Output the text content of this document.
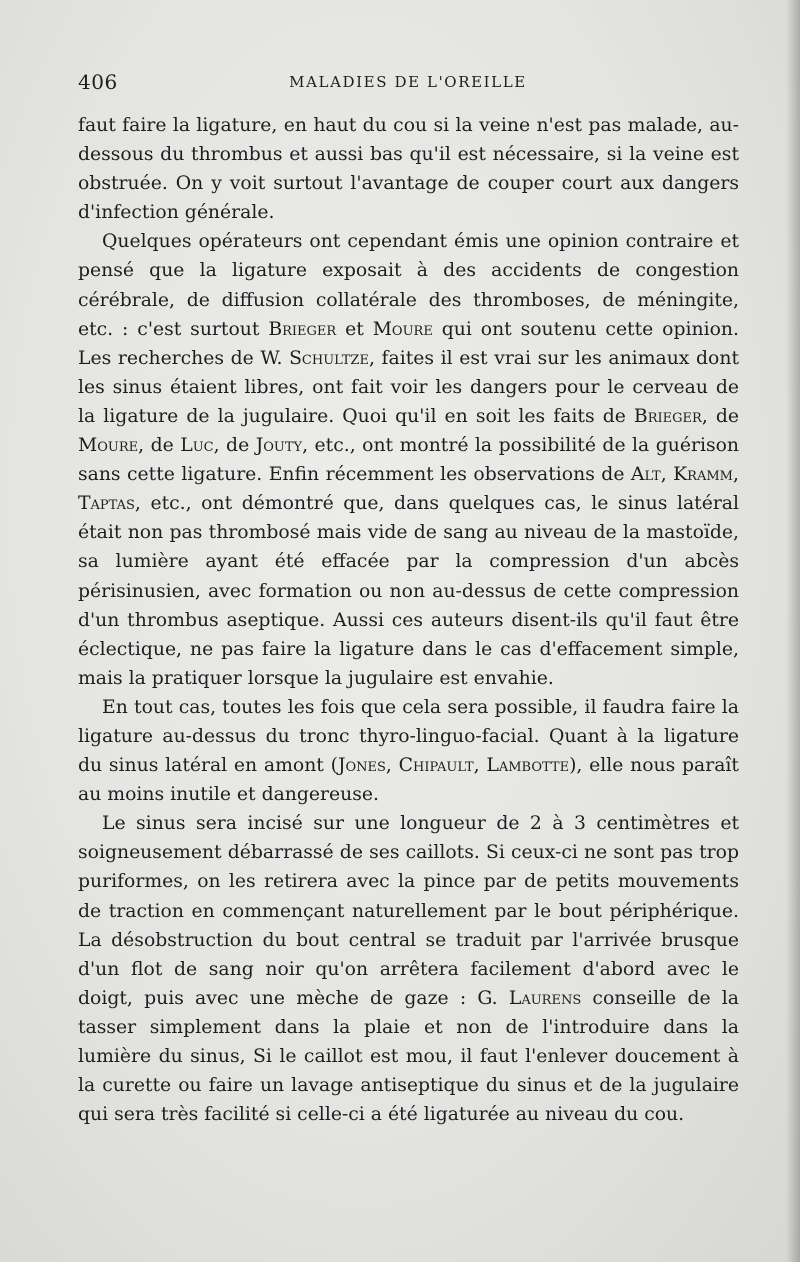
406	MALADIES DE L'OREILLE

faut faire la ligature, en haut du cou si la veine n'est pas malade, au-dessous du thrombus et aussi bas qu'il est nécessaire, si la veine est obstruée. On y voit surtout l'avantage de couper court aux dangers d'infection générale.

Quelques opérateurs ont cependant émis une opinion contraire et pensé que la ligature exposait à des accidents de congestion cérébrale, de diffusion collatérale des thromboses, de méningite, etc. : c'est surtout Brieger et Moure qui ont soutenu cette opinion. Les recherches de W. Schultze, faites il est vrai sur les animaux dont les sinus étaient libres, ont fait voir les dangers pour le cerveau de la ligature de la jugulaire. Quoi qu'il en soit les faits de Brieger, de Moure, de Luc, de Jouty, etc., ont montré la possibilité de la guérison sans cette ligature. Enfin récemment les observations de Alt, Kramm, Taptas, etc., ont démontré que, dans quelques cas, le sinus latéral était non pas thrombosé mais vide de sang au niveau de la mastoïde, sa lumière ayant été effacée par la compression d'un abcès périsinusien, avec formation ou non au-dessus de cette compression d'un thrombus aseptique. Aussi ces auteurs disent-ils qu'il faut être éclectique, ne pas faire la ligature dans le cas d'effacement simple, mais la pratiquer lorsque la jugulaire est envahie.

En tout cas, toutes les fois que cela sera possible, il faudra faire la ligature au-dessus du tronc thyro-linguo-facial. Quant à la ligature du sinus latéral en amont (Jones, Chipault, Lambotte), elle nous paraît au moins inutile et dangereuse.

Le sinus sera incisé sur une longueur de 2 à 3 centimètres et soigneusement débarrassé de ses caillots. Si ceux-ci ne sont pas trop puriformes, on les retirera avec la pince par de petits mouvements de traction en commençant naturellement par le bout périphérique. La désobstruction du bout central se traduit par l'arrivée brusque d'un flot de sang noir qu'on arrêtera facilement d'abord avec le doigt, puis avec une mèche de gaze : G. Laurens conseille de la tasser simplement dans la plaie et non de l'introduire dans la lumière du sinus, Si le caillot est mou, il faut l'enlever doucement à la curette ou faire un lavage antiseptique du sinus et de la jugulaire qui sera très facilité si celle-ci a été ligaturée au niveau du cou.
